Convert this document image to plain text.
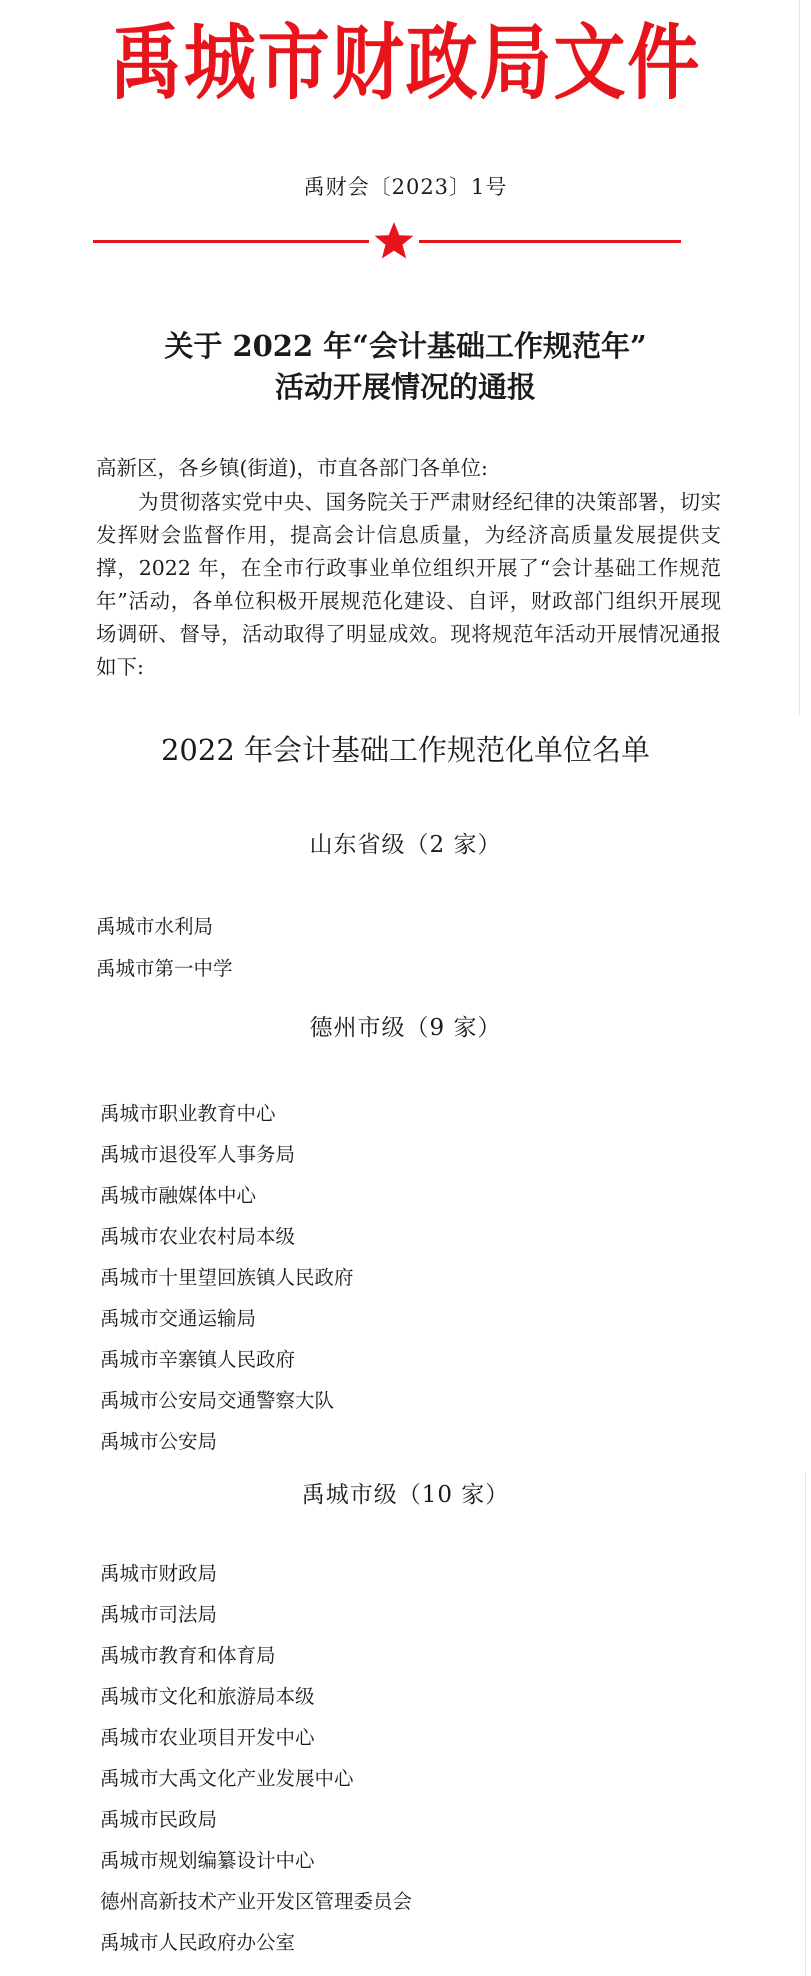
禹城市财政局文件
禹财会〔2023〕1号
关于 2022 年“会计基础工作规范年”
活动开展情况的通报
高新区，各乡镇(街道)，市直各部门各单位:
为贯彻落实党中央、国务院关于严肃财经纪律的决策部署，切实发挥财会监督作用，提高会计信息质量，为经济高质量发展提供支撑，2022 年，在全市行政事业单位组织开展了“会计基础工作规范年”活动，各单位积极开展规范化建设、自评，财政部门组织开展现场调研、督导，活动取得了明显成效。现将规范年活动开展情况通报如下:
2022 年会计基础工作规范化单位名单
山东省级（2 家）
禹城市水利局
禹城市第一中学
德州市级（9 家）
禹城市职业教育中心
禹城市退役军人事务局
禹城市融媒体中心
禹城市农业农村局本级
禹城市十里望回族镇人民政府
禹城市交通运输局
禹城市辛寨镇人民政府
禹城市公安局交通警察大队
禹城市公安局
禹城市级（10 家）
禹城市财政局
禹城市司法局
禹城市教育和体育局
禹城市文化和旅游局本级
禹城市农业项目开发中心
禹城市大禹文化产业发展中心
禹城市民政局
禹城市规划编纂设计中心
德州高新技术产业开发区管理委员会
禹城市人民政府办公室
